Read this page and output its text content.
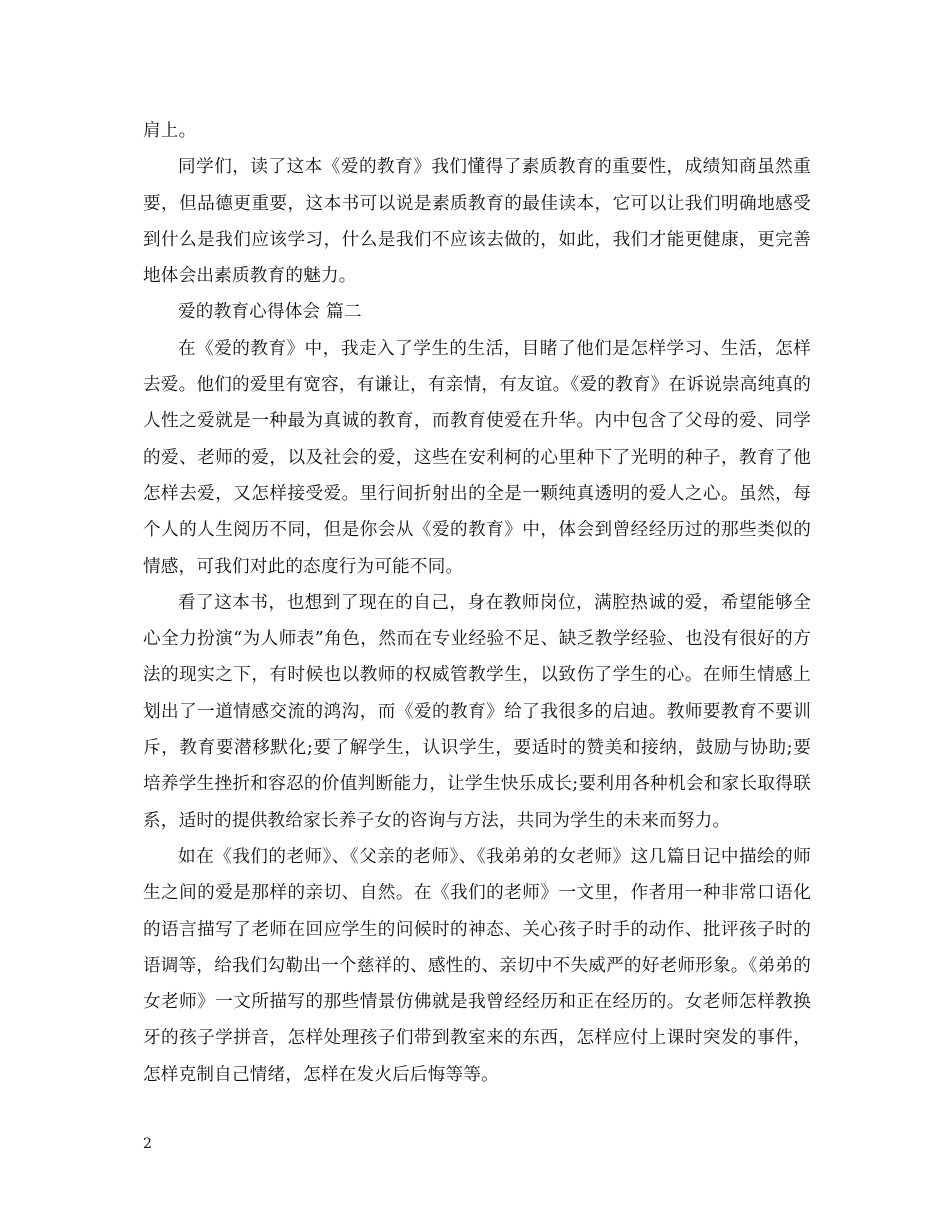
肩上。

同学们，读了这本《爱的教育》我们懂得了素质教育的重要性，成绩知商虽然重要，但品德更重要，这本书可以说是素质教育的最佳读本，它可以让我们明确地感受到什么是我们应该学习，什么是我们不应该去做的，如此，我们才能更健康，更完善地体会出素质教育的魅力。

爱的教育心得体会 篇二

在《爱的教育》中，我走入了学生的生活，目睹了他们是怎样学习、生活，怎样去爱。他们的爱里有宽容，有谦让，有亲情，有友谊。《爱的教育》在诉说崇高纯真的人性之爱就是一种最为真诚的教育，而教育使爱在升华。内中包含了父母的爱、同学的爱、老师的爱，以及社会的爱，这些在安利柯的心里种下了光明的种子，教育了他怎样去爱，又怎样接受爱。里行间折射出的全是一颗纯真透明的爱人之心。虽然，每个人的人生阅历不同，但是你会从《爱的教育》中，体会到曾经经历过的那些类似的情感，可我们对此的态度行为可能不同。

看了这本书，也想到了现在的自己，身在教师岗位，满腔热诚的爱，希望能够全心全力扮演“为人师表”角色，然而在专业经验不足、缺乏教学经验、也没有很好的方法的现实之下，有时候也以教师的权威管教学生，以致伤了学生的心。在师生情感上划出了一道情感交流的鸿沟，而《爱的教育》给了我很多的启迪。教师要教育不要训斥，教育要潜移默化;要了解学生，认识学生，要适时的赞美和接纳，鼓励与协助;要培养学生挫折和容忍的价值判断能力，让学生快乐成长;要利用各种机会和家长取得联系，适时的提供教给家长养子女的咨询与方法，共同为学生的未来而努力。

如在《我们的老师》、《父亲的老师》、《我弟弟的女老师》这几篇日记中描绘的师生之间的爱是那样的亲切、自然。在《我们的老师》一文里，作者用一种非常口语化的语言描写了老师在回应学生的问候时的神态、关心孩子时手的动作、批评孩子时的语调等，给我们勾勒出一个慈祥的、感性的、亲切中不失威严的好老师形象。《弟弟的女老师》一文所描写的那些情景仿佛就是我曾经经历和正在经历的。女老师怎样教换牙的孩子学拼音，怎样处理孩子们带到教室来的东西，怎样应付上课时突发的事件，怎样克制自己情绪，怎样在发火后后悔等等。

2
